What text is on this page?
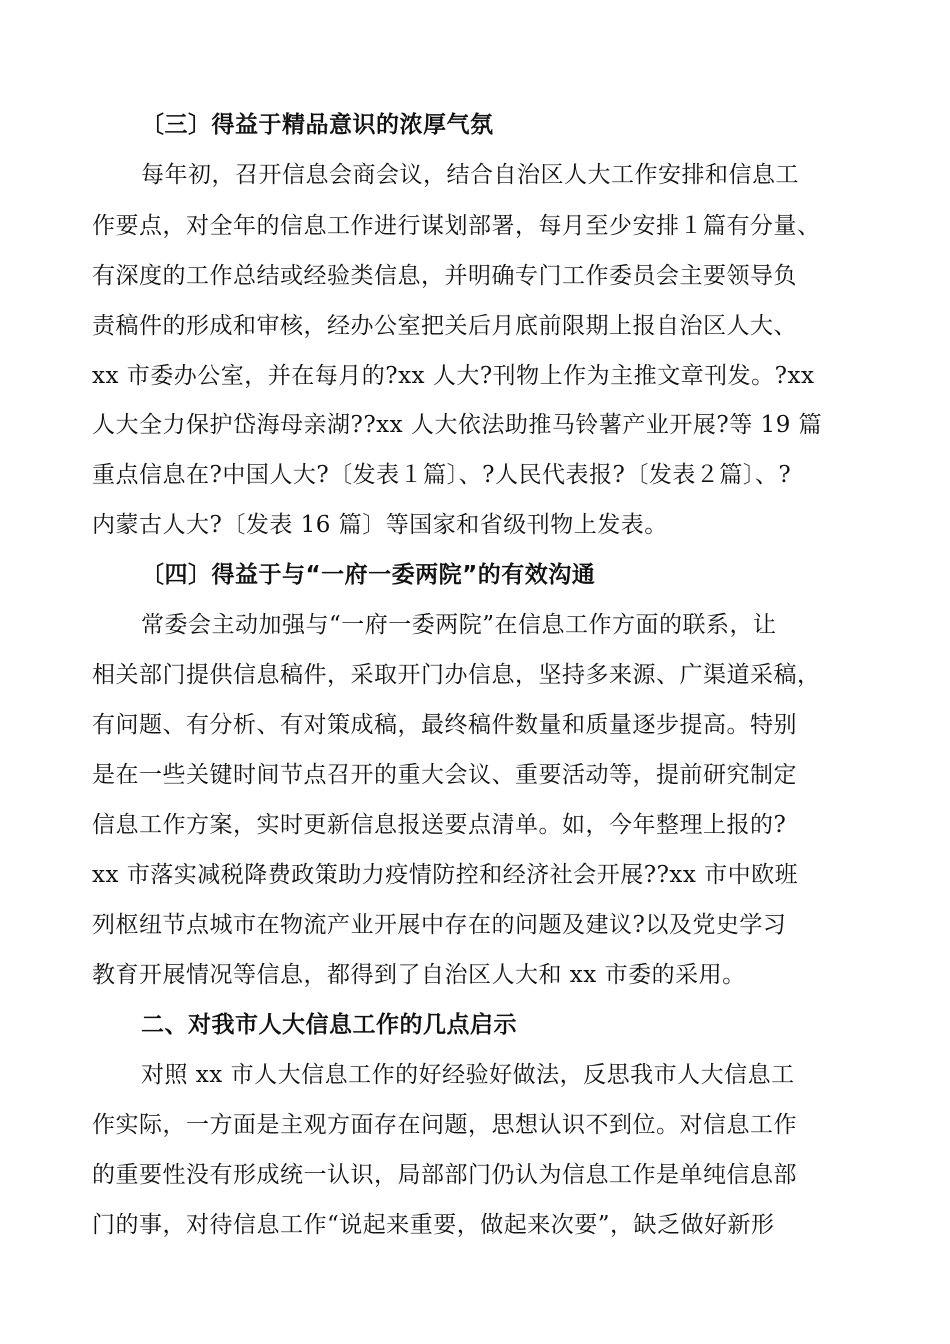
〔三〕得益于精品意识的浓厚气氛
每年初，召开信息会商会议，结合自治区人大工作安排和信息工
作要点，对全年的信息工作进行谋划部署，每月至少安排１篇有分量、
有深度的工作总结或经验类信息，并明确专门工作委员会主要领导负
责稿件的形成和审核，经办公室把关后月底前限期上报自治区人大、
xx 市委办公室，并在每月的?xx 人大?刊物上作为主推文章刊发。?xx
人大全力保护岱海母亲湖??xx 人大依法助推马铃薯产业开展?等 19 篇
重点信息在?中国人大?〔发表１篇〕、?人民代表报?〔发表２篇〕、?
内蒙古人大?〔发表 16 篇〕等国家和省级刊物上发表。
〔四〕得益于与“一府一委两院”的有效沟通
常委会主动加强与“一府一委两院”在信息工作方面的联系，让
相关部门提供信息稿件，采取开门办信息，坚持多来源、广渠道采稿，
有问题、有分析、有对策成稿，最终稿件数量和质量逐步提高。特别
是在一些关键时间节点召开的重大会议、重要活动等，提前研究制定
信息工作方案，实时更新信息报送要点清单。如，今年整理上报的?
xx 市落实减税降费政策助力疫情防控和经济社会开展??xx 市中欧班
列枢纽节点城市在物流产业开展中存在的问题及建议?以及党史学习
教育开展情况等信息，都得到了自治区人大和 xx 市委的采用。
二、对我市人大信息工作的几点启示
对照 xx 市人大信息工作的好经验好做法，反思我市人大信息工
作实际，一方面是主观方面存在问题，思想认识不到位。对信息工作
的重要性没有形成统一认识，局部部门仍认为信息工作是单纯信息部
门的事，对待信息工作“说起来重要，做起来次要”，缺乏做好新形
